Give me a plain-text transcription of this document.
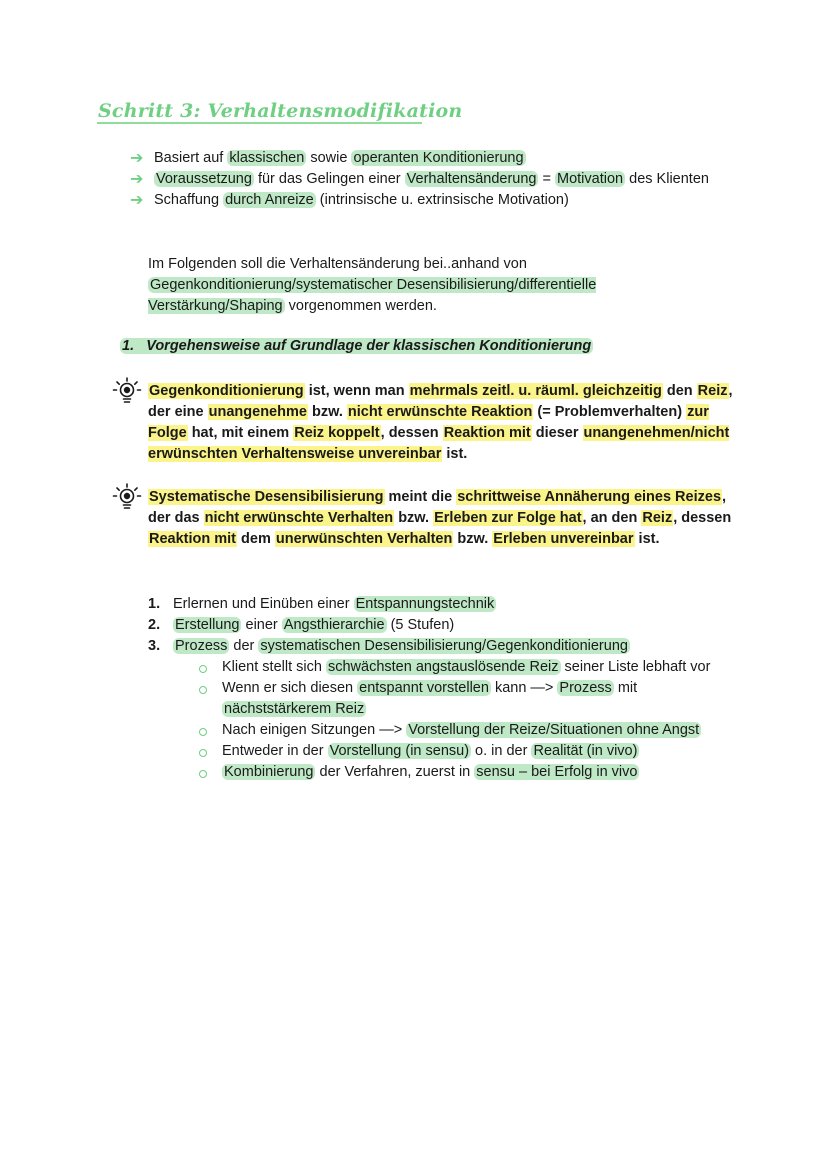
Schritt 3: Verhaltensmodifikation
➔ Basiert auf klassischen sowie operanten Konditionierung
➔ Voraussetzung für das Gelingen einer Verhaltensänderung = Motivation des Klienten
➔ Schaffung durch Anreize (intrinsische u. extrinsische Motivation)
Im Folgenden soll die Verhaltensänderung bei..anhand von Gegenkonditionierung/systematischer Desensibilisierung/differentielle Verstärkung/Shaping vorgenommen werden.
1. Vorgehensweise auf Grundlage der klassischen Konditionierung
Gegenkonditionierung ist, wenn man mehrmals zeitl. u. räuml. gleichzeitig den Reiz, der eine unangenehme bzw. nicht erwünschte Reaktion (= Problemverhalten) zur Folge hat, mit einem Reiz koppelt, dessen Reaktion mit dieser unangenehmen/nicht erwünschten Verhaltensweise unvereinbar ist.
Systematische Desensibilisierung meint die schrittweise Annäherung eines Reizes, der das nicht erwünschte Verhalten bzw. Erleben zur Folge hat, an den Reiz, dessen Reaktion mit dem unerwünschten Verhalten bzw. Erleben unvereinbar ist.
1. Erlernen und Einüben einer Entspannungstechnik
2. Erstellung einer Angsthierarchie (5 Stufen)
3. Prozess der systematischen Desensibilisierung/Gegenkonditionierung
Klient stellt sich schwächsten angstauslösende Reiz seiner Liste lebhaft vor
Wenn er sich diesen entspannt vorstellen kann —> Prozess mit nächststärkerem Reiz
Nach einigen Sitzungen —> Vorstellung der Reize/Situationen ohne Angst
Entweder in der Vorstellung (in sensu) o. in der Realität (in vivo)
Kombinierung der Verfahren, zuerst in sensu – bei Erfolg in vivo
